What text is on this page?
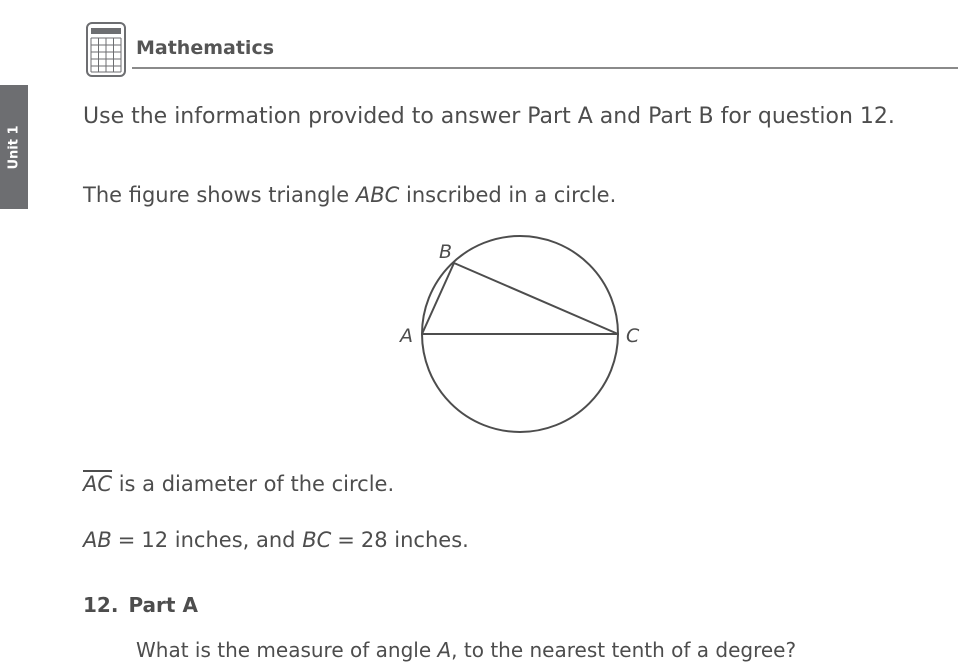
Unit 1
Mathematics
Use the information provided to answer Part A and Part B for question 12.
The figure shows triangle ABC inscribed in a circle.
A
B
C
$\overline{AC}$ is a diameter of the circle.
AB = 12 inches, and BC = 28 inches.
12. Part A
What is the measure of angle A, to the nearest tenth of a degree?
